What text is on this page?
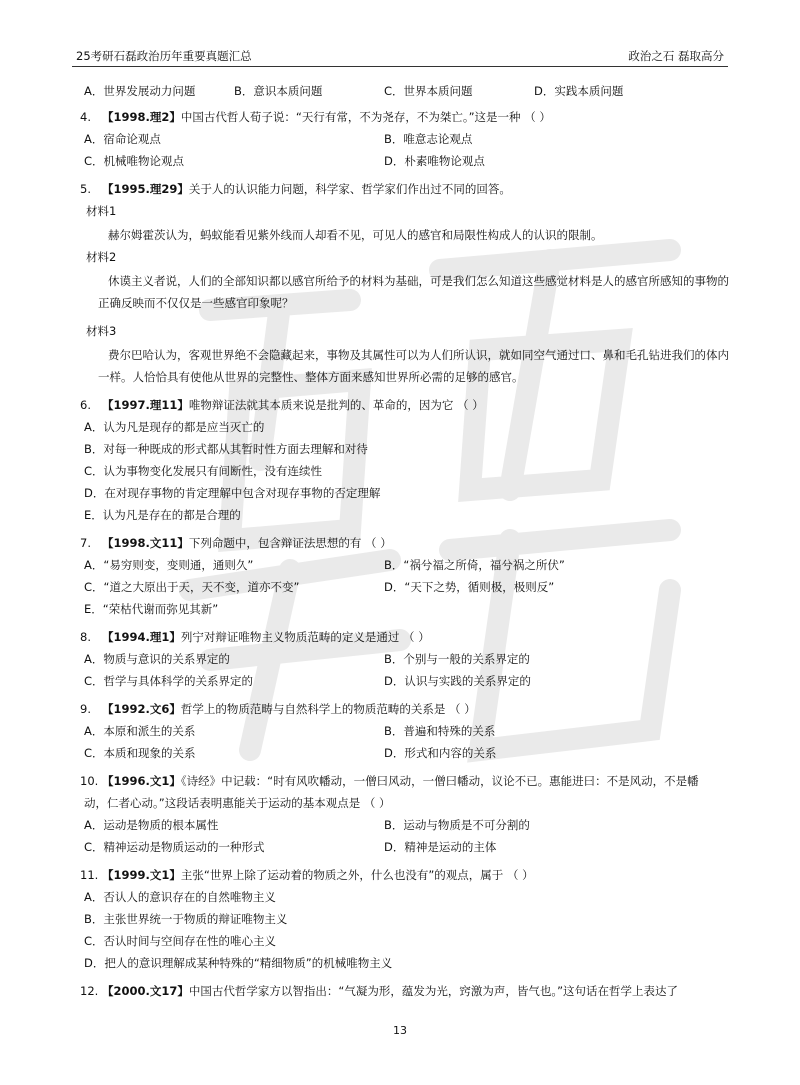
25考研石磊政治历年重要真题汇总	政治之石 磊取高分
A．世界发展动力问题	B．意识本质问题	C．世界本质问题	D．实践本质问题
4. 【1998.理2】中国古代哲人荀子说：“天行有常，不为尧存，不为桀亡。”这是一种 （ ）
A．宿命论观点	B．唯意志论观点
C．机械唯物论观点	D．朴素唯物论观点
5. 【1995.理29】关于人的认识能力问题，科学家、哲学家们作出过不同的回答。
材料1
赫尔姆霍茨认为，蚂蚁能看见紫外线而人却看不见，可见人的感官和局限性构成人的认识的限制。
材料2
休谟主义者说，人们的全部知识都以感官所给予的材料为基础，可是我们怎么知道这些感觉材料是人的感官所感知的事物的正确反映而不仅仅是一些感官印象呢？
材料3
费尔巴哈认为，客观世界绝不会隐藏起来，事物及其属性可以为人们所认识，就如同空气通过口、鼻和毛孔钻进我们的体内一样。人恰恰具有使他从世界的完整性、整体方面来感知世界所必需的足够的感官。
6. 【1997.理11】唯物辩证法就其本质来说是批判的、革命的，因为它 （ ）
A．认为凡是现存的都是应当灭亡的
B．对每一种既成的形式都从其暂时性方面去理解和对待
C．认为事物变化发展只有间断性，没有连续性
D．在对现存事物的肯定理解中包含对现存事物的否定理解
E．认为凡是存在的都是合理的
7. 【1998.文11】下列命题中，包含辩证法思想的有 （ ）
A．“易穷则变，变则通，通则久”	B．“祸兮福之所倚，福兮祸之所伏”
C．“道之大原出于天，天不变，道亦不变”	D．“天下之势，循则极，极则反”
E．“荣枯代谢而弥见其新”
8. 【1994.理1】列宁对辩证唯物主义物质范畴的定义是通过 （ ）
A．物质与意识的关系界定的	B．个别与一般的关系界定的
C．哲学与具体科学的关系界定的	D．认识与实践的关系界定的
9. 【1992.文6】哲学上的物质范畴与自然科学上的物质范畴的关系是 （ ）
A．本原和派生的关系	B．普遍和特殊的关系
C．本质和现象的关系	D．形式和内容的关系
10. 【1996.文1】《诗经》中记载：“时有风吹幡动，一僧曰风动，一僧曰幡动，议论不已。惠能进曰：不是风动，不是幡
动，仁者心动。”这段话表明惠能关于运动的基本观点是 （ ）
A．运动是物质的根本属性	B．运动与物质是不可分割的
C．精神运动是物质运动的一种形式	D．精神是运动的主体
11. 【1999.文1】主张“世界上除了运动着的物质之外，什么也没有”的观点，属于 （ ）
A．否认人的意识存在的自然唯物主义
B．主张世界统一于物质的辩证唯物主义
C．否认时间与空间存在性的唯心主义
D．把人的意识理解成某种特殊的“精细物质”的机械唯物主义
12. 【2000.文17】中国古代哲学家方以智指出：“气凝为形，蕴发为光，窍激为声，皆气也。”这句话在哲学上表达了
13
